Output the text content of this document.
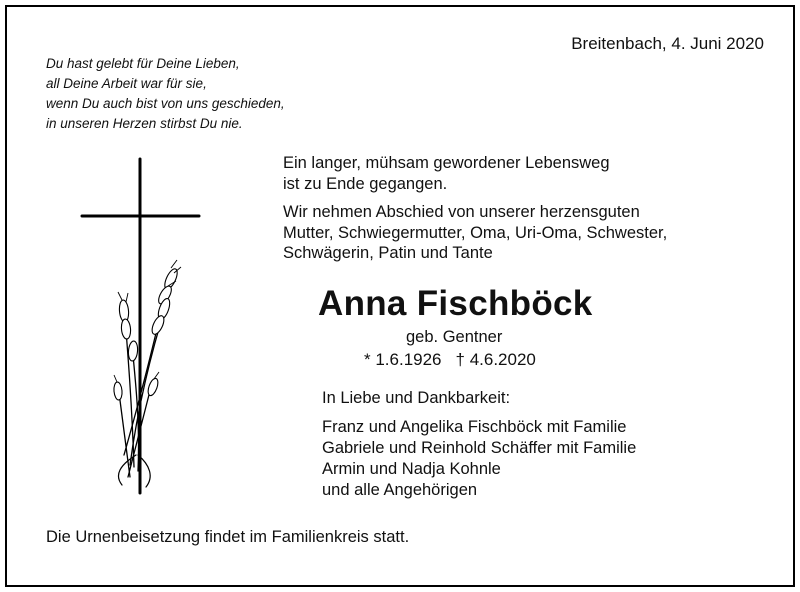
Breitenbach, 4. Juni 2020
Du hast gelebt für Deine Lieben,
all Deine Arbeit war für sie,
wenn Du auch bist von uns geschieden,
in unseren Herzen stirbst Du nie.

Ein langer, mühsam gewordener Lebensweg
ist zu Ende gegangen.

Wir nehmen Abschied von unserer herzensguten
Mutter, Schwiegermutter, Oma, Uri-Oma, Schwester,
Schwägerin, Patin und Tante

Anna Fischböck
geb. Gentner
* 1.6.1926 † 4.6.2020
In Liebe und Dankbarkeit:
Franz und Angelika Fischböck mit Familie
Gabriele und Reinhold Schäffer mit Familie
Armin und Nadja Kohnle
und alle Angehörigen
Die Urnenbeisetzung findet im Familienkreis statt.
